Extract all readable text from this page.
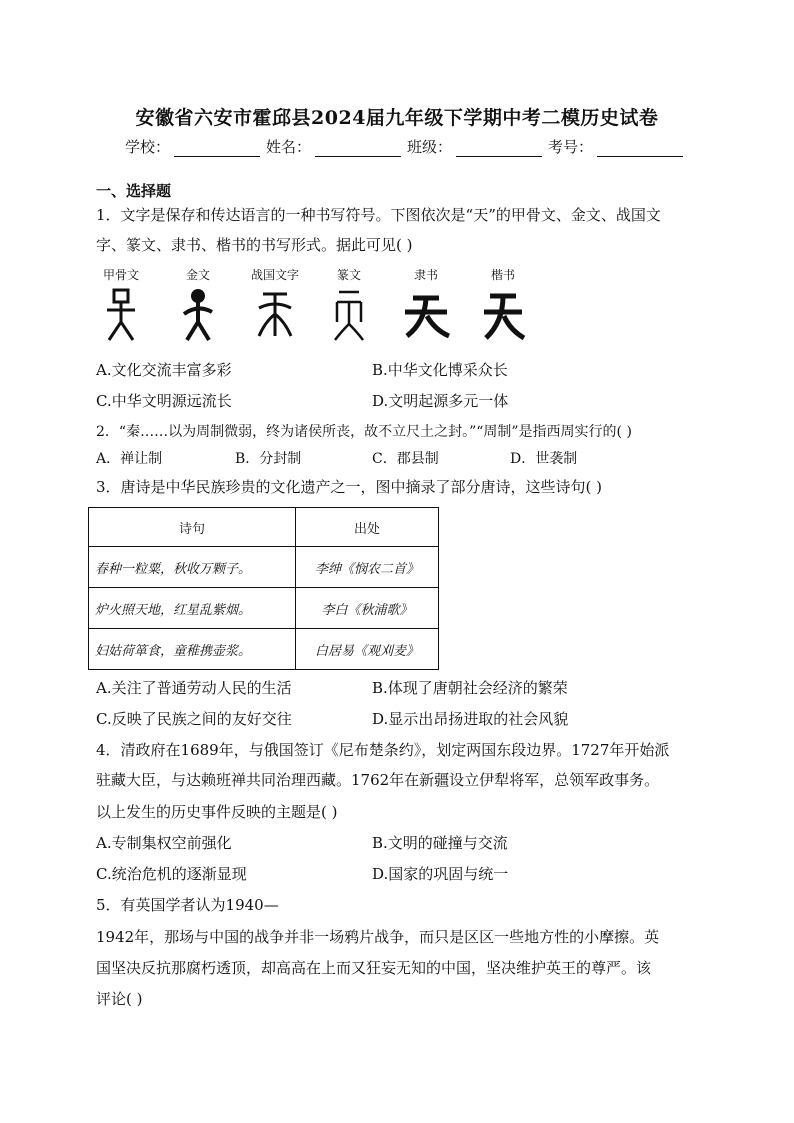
安徽省六安市霍邱县2024届九年级下学期中考二模历史试卷
学校：	姓名：	班级：	考号：
一、选择题
1．文字是保存和传达语言的一种书写符号。下图依次是“天”的甲骨文、金文、战国文
字、篆文、隶书、楷书的书写形式。据此可见( )
甲骨文	金文	战国文字	篆文	隶书	楷书
A.文化交流丰富多彩	B.中华文化博采众长
C.中华文明源远流长	D.文明起源多元一体
2．“秦……以为周制微弱，终为诸侯所丧，故不立尺土之封。”“周制”是指西周实行的( )
A．禅让制	B．分封制	C．郡县制	D．世袭制
3．唐诗是中华民族珍贵的文化遗产之一，图中摘录了部分唐诗，这些诗句( )
诗句	出处
春种一粒粟，秋收万颗子。	李绅《悯农二首》
炉火照天地，红星乱紫烟。	李白《秋浦歌》
妇姑荷箪食，童稚携壶浆。	白居易《观刈麦》
A.关注了普通劳动人民的生活	B.体现了唐朝社会经济的繁荣
C.反映了民族之间的友好交往	D.显示出昂扬进取的社会风貌
4．清政府在1689年，与俄国签订《尼布楚条约》，划定两国东段边界。1727年开始派
驻藏大臣，与达赖班禅共同治理西藏。1762年在新疆设立伊犁将军，总领军政事务。
以上发生的历史事件反映的主题是( )
A.专制集权空前强化	B.文明的碰撞与交流
C.统治危机的逐渐显现	D.国家的巩固与统一
5．有英国学者认为1940—
1942年，那场与中国的战争并非一场鸦片战争，而只是区区一些地方性的小摩擦。英
国坚决反抗那腐朽透顶，却高高在上而又狂妄无知的中国，坚决维护英王的尊严。该
评论( )
